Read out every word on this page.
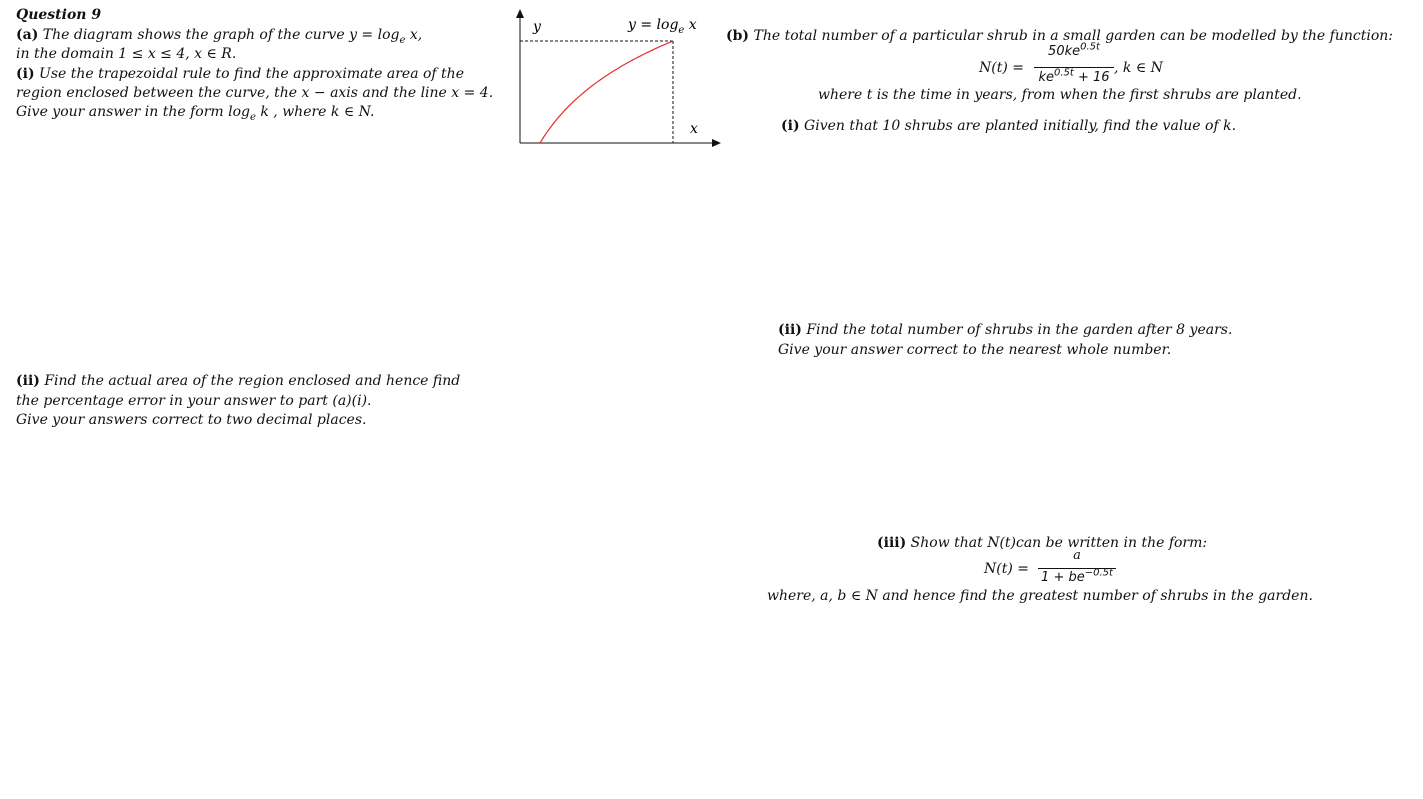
Question 9
(a) The diagram shows the graph of the curve $y = \log_e x$,
in the domain 1 ≤ x ≤ 4, x ∈ R.
(i) Use the trapezoidal rule to find the approximate area of the
region enclosed between the curve, the x − axis and the line x = 4.
Give your answer in the form $\log_e k$ , where k ∈ N.
(ii) Find the actual area of the region enclosed and hence find
the percentage error in your answer to part (a)(i).
Give your answers correct to two decimal places.
y
x
$y = \log_e x$
(b) The total number of a particular shrub in a small garden can be modelled by the function:
N(t) =
$50ke^{0.5t}$
$ke^{0.5t} + 16$
, k ∈ N
where t is the time in years, from when the first shrubs are planted.
(i) Given that 10 shrubs are planted initially, find the value of k.
(ii) Find the total number of shrubs in the garden after 8 years.
Give your answer correct to the nearest whole number.
(iii) Show that N(t)can be written in the form:
N(t) =
a
$1 + be^{-0.5t}$
where, a, b ∈ N and hence find the greatest number of shrubs in the garden.
